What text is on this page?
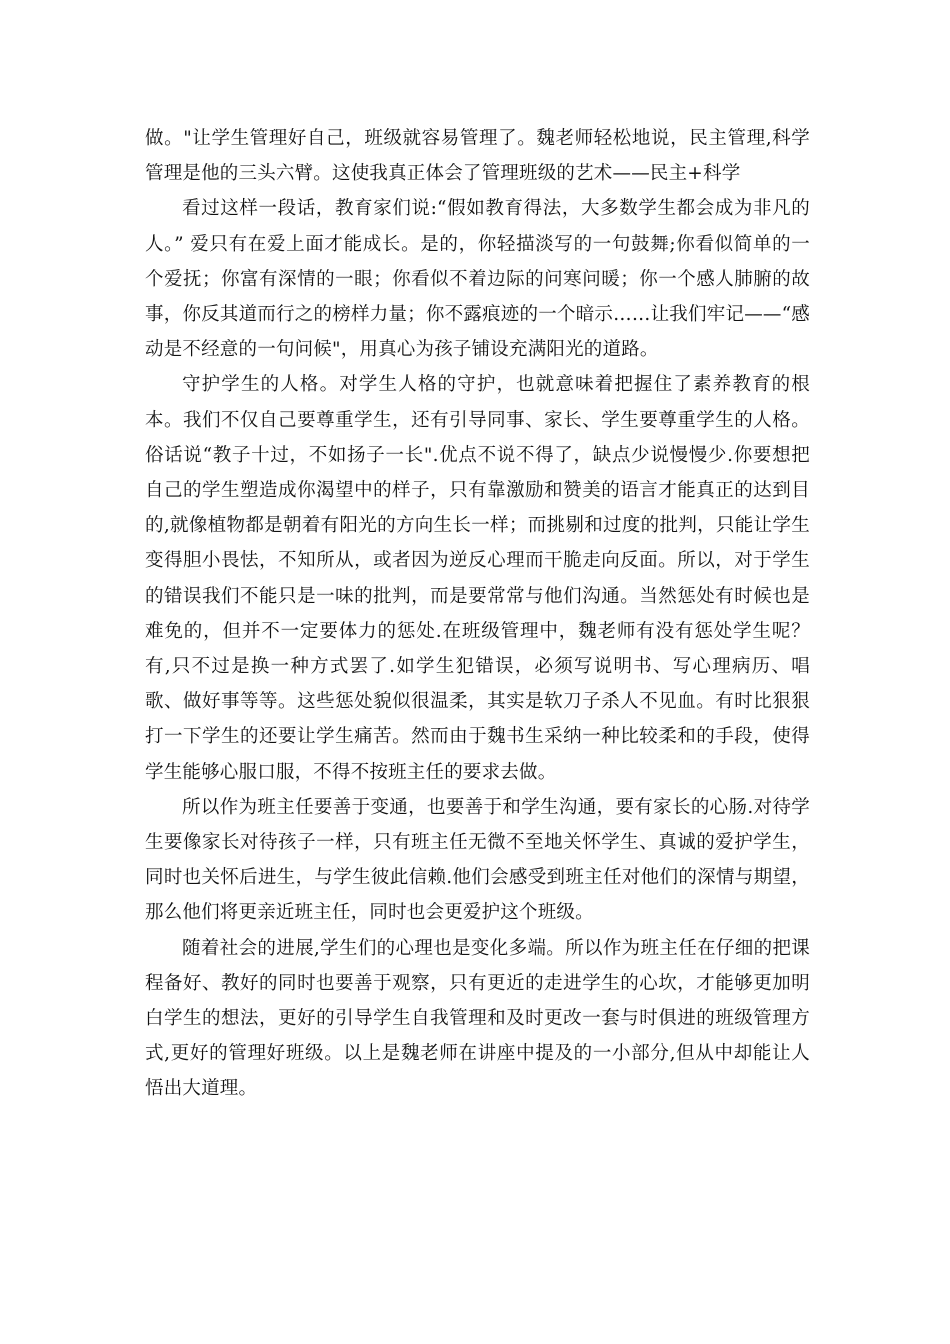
做。"让学生管理好自己，班级就容易管理了。魏老师轻松地说，民主管理,科学管理是他的三头六臂。这使我真正体会了管理班级的艺术——民主+科学

看过这样一段话，教育家们说:“假如教育得法，大多数学生都会成为非凡的人。” 爱只有在爱上面才能成长。是的，你轻描淡写的一句鼓舞;你看似简单的一个爱抚；你富有深情的一眼；你看似不着边际的问寒问暖；你一个感人肺腑的故事，你反其道而行之的榜样力量；你不露痕迹的一个暗示……让我们牢记——“感动是不经意的一句问候"，用真心为孩子铺设充满阳光的道路。

守护学生的人格。对学生人格的守护，也就意味着把握住了素养教育的根本。我们不仅自己要尊重学生，还有引导同事、家长、学生要尊重学生的人格。俗话说“教子十过，不如扬子一长".优点不说不得了，缺点少说慢慢少.你要想把自己的学生塑造成你渴望中的样子，只有靠激励和赞美的语言才能真正的达到目的,就像植物都是朝着有阳光的方向生长一样；而挑剔和过度的批判，只能让学生变得胆小畏怯，不知所从，或者因为逆反心理而干脆走向反面。所以，对于学生的错误我们不能只是一味的批判，而是要常常与他们沟通。当然惩处有时候也是难免的，但并不一定要体力的惩处.在班级管理中，魏老师有没有惩处学生呢？有,只不过是换一种方式罢了.如学生犯错误，必须写说明书、写心理病历、唱歌、做好事等等。这些惩处貌似很温柔，其实是软刀子杀人不见血。有时比狠狠打一下学生的还要让学生痛苦。然而由于魏书生采纳一种比较柔和的手段，使得学生能够心服口服，不得不按班主任的要求去做。

所以作为班主任要善于变通，也要善于和学生沟通，要有家长的心肠.对待学生要像家长对待孩子一样，只有班主任无微不至地关怀学生、真诚的爱护学生，同时也关怀后进生，与学生彼此信赖.他们会感受到班主任对他们的深情与期望，那么他们将更亲近班主任，同时也会更爱护这个班级。

随着社会的进展,学生们的心理也是变化多端。所以作为班主任在仔细的把课程备好、教好的同时也要善于观察，只有更近的走进学生的心坎，才能够更加明白学生的想法，更好的引导学生自我管理和及时更改一套与时俱进的班级管理方式,更好的管理好班级。以上是魏老师在讲座中提及的一小部分,但从中却能让人悟出大道理。
